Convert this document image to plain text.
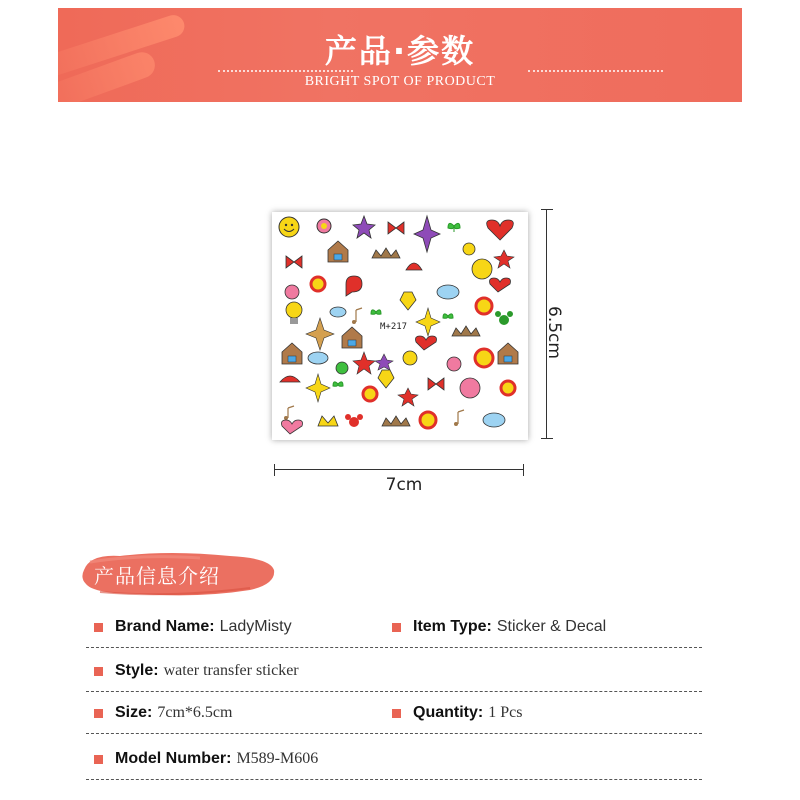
产品·参数
BRIGHT SPOT OF PRODUCT
M+217	6.5cm
7cm
产品信息介绍
Brand Name: LadyMisty	Item Type: Sticker & Decal
Style: water transfer sticker
Size: 7cm*6.5cm	Quantity: 1 Pcs
Model Number: M589-M606
